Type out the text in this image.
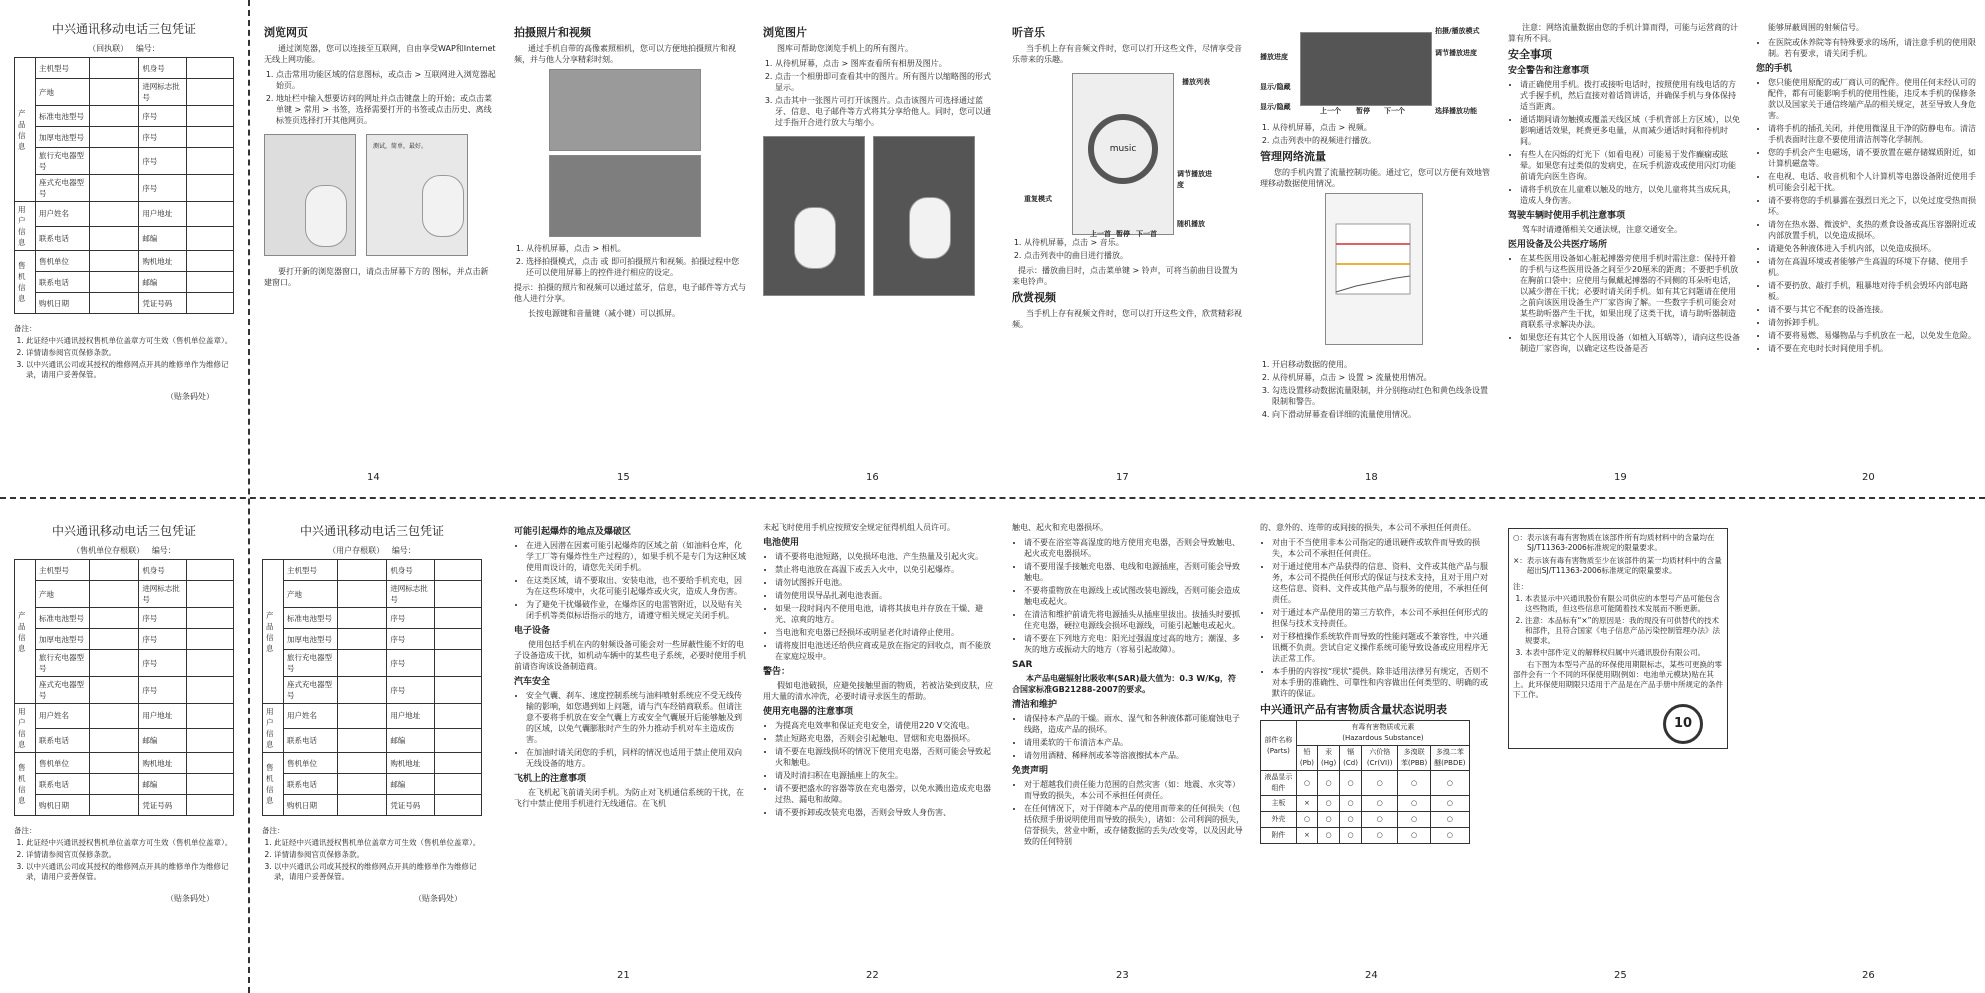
中兴通讯移动电话三包凭证
（回执联） 编号：
产品信息	主机型号		机身号	
	产地		进网标志批号	
	标准电池型号		序号	
	加厚电池型号		序号	
	旅行充电器型号		序号	
	座式充电器型号		序号	
用户信息	用户姓名		用户地址	
	联系电话		邮编	
售机信息	售机单位		购机地址	
	联系电话		邮编	
	购机日期		凭证号码	
备注：
1. 此证经中兴通讯授权售机单位盖章方可生效（售机单位盖章）。
2. 详情请参阅官页保修条款。
3. 以中兴通讯公司或其授权的维修网点开具的维修单作为维修记录，请用户妥善保管。
（贴条码处）
中兴通讯移动电话三包凭证
（售机单位存根联） 编号：
产品信息	主机型号		机身号	
	产地		进网标志批号	
	标准电池型号		序号	
	加厚电池型号		序号	
	旅行充电器型号		序号	
	座式充电器型号		序号	
用户信息	用户姓名		用户地址	
	联系电话		邮编	
售机信息	售机单位		购机地址	
	联系电话		邮编	
	购机日期		凭证号码	
备注：
1. 此证经中兴通讯授权售机单位盖章方可生效（售机单位盖章）。
2. 详情请参阅官页保修条款。
3. 以中兴通讯公司或其授权的维修网点开具的维修单作为维修记录，请用户妥善保管。
（贴条码处）
中兴通讯移动电话三包凭证
（用户存根联） 编号：
产品信息	主机型号		机身号	
	产地		进网标志批号	
	标准电池型号		序号	
	加厚电池型号		序号	
	旅行充电器型号		序号	
	座式充电器型号		序号	
用户信息	用户姓名		用户地址	
	联系电话		邮编	
售机信息	售机单位		购机地址	
	联系电话		邮编	
	购机日期		凭证号码	
备注：
1. 此证经中兴通讯授权售机单位盖章方可生效（售机单位盖章）。
2. 详情请参阅官页保修条款。
3. 以中兴通讯公司或其授权的维修网点开具的维修单作为维修记录，请用户妥善保管。
（贴条码处）
浏览网页

通过浏览器，您可以连接至互联网，自由享受WAP和Internet无线上网功能。

1. 点击常用功能区域的信息图标，或点击 > 互联网进入浏览器起始页。
2. 地址栏中输入想要访问的网址并点击键盘上的开始；或点击菜单键 > 常用 > 书签，选择需要打开的书签或点击历史、离线标签页选择打开其他网页。
测试，简单，最好。

要打开新的浏览器窗口，请点击屏幕下方的 图标，并点击新建窗口。

拍摄照片和视频

通过手机自带的高像素照相机，您可以方便地拍摄照片和视频，并与他人分享精彩时刻。

1. 从待机屏幕，点击 > 相机。
2. 选择拍摄模式，点击 或 即可拍摄照片和视频。拍摄过程中您还可以使用屏幕上的控件进行相应的设定。

提示：拍摄的照片和视频可以通过蓝牙，信息，电子邮件等方式与他人进行分享。

长按电源键和音量键（减小键）可以抓屏。

浏览图片

图库可帮助您浏览手机上的所有图片。

1. 从待机屏幕，点击 > 图库查看所有相册及图片。
2. 点击一个相册即可查看其中的图片。所有图片以缩略图的形式显示。
3. 点击其中一张图片可打开该图片。点击该图片可选择通过蓝牙、信息、电子邮件等方式将其分享给他人。同时，您可以通过手指开合进行放大与缩小。
听音乐

当手机上存有音频文件时，您可以打开这些文件，尽情享受音乐带来的乐趣。

music
播放列表
调节播放进度
重复模式
上一首 暂停 下一首
随机播放
1. 从待机屏幕，点击 > 音乐。
2. 点击列表中的曲目进行播放。

提示：播放曲目时，点击菜单键 > 铃声，可将当前曲目设置为来电铃声。

欣赏视频

当手机上存有视频文件时，您可以打开这些文件，欣赏精彩视频。

拍摄/播放模式
播放进度	调节播放进度
显示/隐藏
上一个 暂停 下一个
显示/隐藏	选择播放功能
1. 从待机屏幕，点击 > 视频。
2. 点击列表中的视频进行播放。
管理网络流量

您的手机内置了流量控制功能。通过它，您可以方便有效地管理移动数据使用情况。

1. 开启移动数据的使用。
2. 从待机屏幕，点击 > 设置 > 流量使用情况。
3. 勾选设置移动数据流量限制，并分别拖动红色和黄色线条设置限制和警告。
4. 向下滑动屏幕查看详细的流量使用情况。

注意：网络流量数据由您的手机计算而得，可能与运营商的计算有所不同。

安全事项
安全警告和注意事项
• 请正确使用手机。拨打或接听电话时，按照使用有线电话的方式手握手机，然后直接对着话筒讲话，并确保手机与身体保持适当距离。
• 通话期间请勿触摸或覆盖天线区域（手机背部上方区域），以免影响通话效果，耗费更多电量，从而减少通话时间和待机时间。
• 有些人在闪烁的灯光下（如看电视）可能易于发作癫痫或眩晕。如果您有过类似的发病史，在玩手机游戏或使用闪灯功能前请先向医生咨询。
• 请将手机放在儿童难以触及的地方，以免儿童将其当成玩具，造成人身伤害。
驾驶车辆时使用手机注意事项

驾车时请遵循相关交通法规，注意交通安全。

医用设备及公共医疗场所
• 在某些医用设备如心脏起搏器旁使用手机时需注意：保持开着的手机与这些医用设备之间至少20厘米的距离；不要把手机放在胸前口袋中；应使用与佩戴起搏器的不同侧的耳朵听电话，以减少潜在干扰；必要时请关闭手机。如有其它问题请在使用之前向该医用设备生产厂家咨询了解。一些数字手机可能会对某些助听器产生干扰，如果出现了这类干扰，请与助听器制造商联系寻求解决办法。
• 如果您还有其它个人医用设备（如植入耳蜗等），请向这些设备制造厂家咨询，以确定这些设备是否
能够屏蔽周围的射频信号。
• 在医院或休养院等有特殊要求的场所，请注意手机的使用限制。若有要求，请关闭手机。
您的手机
• 您只能使用原配的或厂商认可的配件。使用任何未经认可的配件，都有可能影响手机的使用性能，违反本手机的保修条款以及国家关于通信终端产品的相关规定，甚至导致人身危害。
• 请将手机的插孔关闭，并使用微湿且干净的防静电布。清洁手机表面时注意不要使用清洁剂等化学制剂。
• 您的手机会产生电磁场，请不要放置在磁存储媒质附近，如计算机磁盘等。
• 在电视、电话、收音机和个人计算机等电器设备附近使用手机可能会引起干扰。
• 请不要将您的手机暴露在强烈日光之下，以免过度受热而损坏。
• 请勿在热水器、微波炉、炙热的煮食设备或高压容器附近或内部放置手机，以免造成损坏。
• 请避免各种液体进入手机内部，以免造成损坏。
• 请勿在高温环境或者能够产生高温的环境下存储、使用手机。
• 请不要扔放、敲打手机，粗暴地对待手机会毁坏内部电路板。
• 请不要与其它不配套的设备连接。
• 请勿拆卸手机。
• 请不要将易燃、易爆物品与手机放在一起，以免发生危险。
• 请不要在充电时长时间使用手机。
可能引起爆炸的地点及爆破区
• 在进入因潜在因素可能引起爆炸的区域之前（如油料仓库，化学工厂等有爆炸性生产过程的），如果手机不是专门为这种区域使用而设计的，请您先关闭手机。
• 在这类区域，请不要取出、安装电池，也不要给手机充电，因为在这些环境中，火花可能引起爆炸或火灾，造成人身伤害。
• 为了避免干扰爆破作业，在爆炸区的电雷管附近，以及贴有关闭手机等类似标语指示的地方，请遵守相关规定关闭手机。
电子设备

使用包括手机在内的射频设备可能会对一些屏蔽性能不好的电子设备造成干扰，如机动车辆中的某些电子系统，必要时使用手机前请咨询该设备制造商。

汽车安全
• 安全气囊、刹车、速度控制系统与油料喷射系统应不受无线传输的影响，如您遇到如上问题，请与汽车经销商联系。但请注意不要将手机放在安全气囊上方或安全气囊展开后能够触及到的区域，以免气囊膨胀时产生的外力推动手机对车主造成伤害。
• 在加油时请关闭您的手机，同样的情况也适用于禁止使用双向无线设备的地方。
飞机上的注意事项

在飞机起飞前请关闭手机。为防止对飞机通信系统的干扰，在飞行中禁止使用手机进行无线通信。在飞机

未起飞时使用手机应按照安全规定征得机组人员许可。

电池使用
• 请不要将电池短路，以免损坏电池、产生热量及引起火灾。
• 禁止将电池放在高温下或丢入火中，以免引起爆炸。
• 请勿试图拆开电池。
• 请勿使用误导品扎剥电池表面。
• 如果一段时间内不使用电池，请将其拔电并存放在干燥、避光、凉爽的地方。
• 当电池和充电器已经损坏或明显老化时请停止使用。
• 请将废旧电池送还给供应商或是放在指定的回收点，而不能放在家庭垃圾中。
警告：

假如电池破损，应避免接触里面的物质，若被沾染到皮肤，应用大量的清水冲洗，必要时请寻求医生的帮助。

使用充电器的注意事项
• 为提高充电效率和保证充电安全，请使用220 V交流电。
• 禁止短路充电器，否则会引起触电、冒烟和充电器损坏。
• 请不要在电源线损坏的情况下使用充电器，否则可能会导致起火和触电。
• 请及时清扫积在电源插座上的灰尘。
• 请不要把盛水的容器等放在充电器旁，以免水溅出造成充电器过热、漏电和故障。
• 请不要拆卸或改装充电器，否则会导致人身伤害、

触电、起火和充电器损坏。

• 请不要在浴室等高湿度的地方使用充电器，否则会导致触电、起火或充电器损坏。
• 请不要用湿手接触充电器、电线和电源插座，否则可能会导致触电。
• 不要将重物放在电源线上或试图改装电源线，否则可能会造成触电或起火。
• 在清洁和维护前请先将电源插头从插座里拔出。拔插头时要抓住充电器，硬拉电源线会损坏电源线，可能引起触电或起火。
• 请不要在下列地方充电：阳光过强温度过高的地方；潮湿、多灰的地方或振动大的地方（容易引起故障）。
SAR

本产品电磁辐射比吸收率(SAR)最大值为：0.3 W/Kg，符合国家标准GB21288-2007的要求。

清洁和维护
• 请保持本产品的干燥。雨水、湿气和各种液体都可能腐蚀电子线路，造成产品的损坏。
• 请用柔软的干布清洁本产品。
• 请勿用酒精、稀释剂或苯等溶液擦拭本产品。
免责声明
• 对于超越我们责任能力范围的自然灾害（如：地震、水灾等）而导致的损失，本公司不承担任何责任。
• 在任何情况下，对于伴随本产品的使用而带来的任何损失（包括依照手册说明使用而导致的损失），诸如：公司利润的损失，信誉损失，营业中断，或存储数据的丢失/改变等，以及因此导致的任何特别

的、意外的、连带的或间接的损失，本公司不承担任何责任。

• 对由于不当使用非本公司指定的通讯硬件或软件而导致的损失，本公司不承担任何责任。
• 对于通过使用本产品获得的信息、资料、文件或其他产品与服务，本公司不提供任何形式的保证与技术支持，且对于用户对这些信息、资料、文件或其他产品与服务的使用，不承担任何责任。
• 对于通过本产品使用的第三方软件，本公司不承担任何形式的担保与技术支持责任。
• 对于移植操作系统软件而导致的性能问题或不兼容性，中兴通讯概不负责。尝试自定义操作系统可能导致设备或应用程序无法正常工作。
• 本手册的内容按“现状”提供。除非适用法律另有规定，否则不对本手册的准确性、可靠性和内容做出任何类型的、明确的或默许的保证。
中兴通讯产品有害物质含量状态说明表
部件名称(Parts)	有毒有害物质或元素
(Hazardous Substance)					
	铅(Pb)	汞(Hg)	镉(Cd)	六价铬(Cr(VI))	多溴联苯(PBB)	多溴二苯醚(PBDE)
液晶显示组件	○	○	○	○	○	○
主板	×	○	○	○	○	○
外壳	○	○	○	○	○	○
附件	×	○	○	○	○	○
○： 表示该有毒有害物质在该部件所有均质材料中的含量均在SJ/T11363-2006标准规定的限量要求。
×： 表示该有毒有害物质至少在该部件的某一均质材料中的含量超出SJ/T11363-2006标准规定的限量要求。
注：
1. 本表显示中兴通讯股份有限公司供应的本型号产品可能包含这些物质，但这些信息可能随着技术发展而不断更新。
2. 注意：本品标有“×”的原因是：我的现没有可供替代的技术和部件，且符合国家《电子信息产品污染控制管理办法》法规要求。
3. 本表中部件定义的解释权归属中兴通讯股份有限公司。

右下图为本型号产品的环保使用期限标志，某些可更换的零部件会有一个不同的环保使用期(例如：电池单元模块)贴在其上。此环保使用期限只适用于产品是在产品手册中所规定的条件下工作。

10
14	15	16	17	18	19	20
21	22	23	24	25	26
